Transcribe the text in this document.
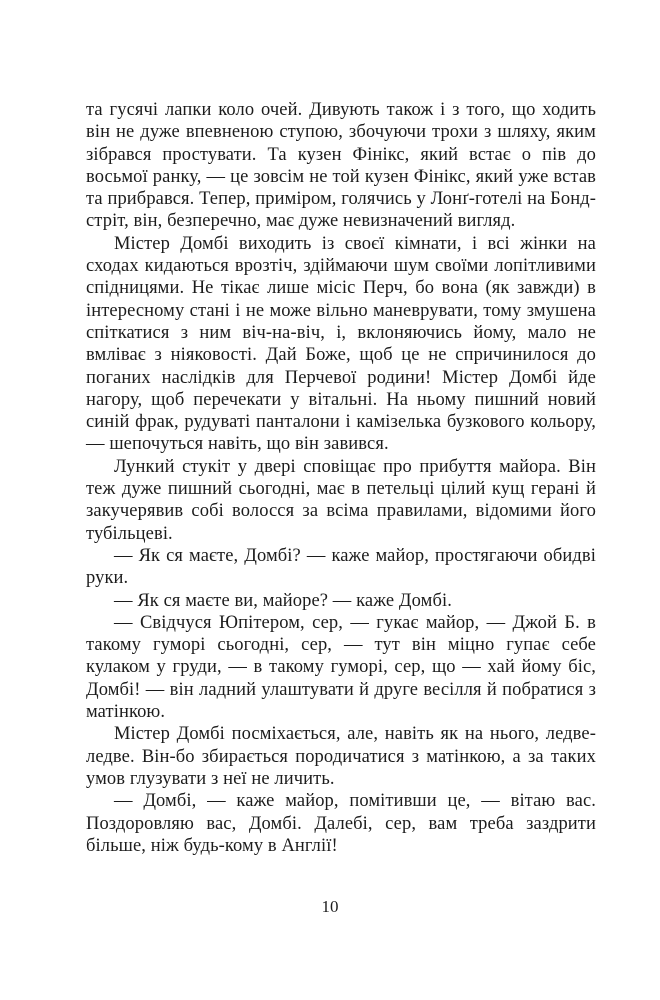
та гусячі лапки коло очей. Дивують також і з того, що ходить він не дуже впевненою ступою, збочуючи трохи з шляху, яким зібрався простувати. Та кузен Фінікс, який встає о пів до восьмої ранку, — це зовсім не той кузен Фінікс, який уже встав та прибрався. Тепер, приміром, голячись у Лонґ-готелі на Бонд-стріт, він, безперечно, має дуже невизначений вигляд.

Містер Домбі виходить із своєї кімнати, і всі жінки на сходах кидаються врозтіч, здіймаючи шум своїми лопітливими спідницями. Не тікає лише місіс Перч, бо вона (як завжди) в інтересному стані і не може вільно маневрувати, тому змушена спіткатися з ним віч-на-віч, і, вклоняючись йому, мало не вмліває з ніяковості. Дай Боже, щоб це не спричинилося до поганих наслідків для Перчевої родини! Містер Домбі йде нагору, щоб перечекати у вітальні. На ньому пишний новий синій фрак, рудуваті панталони і камізелька бузкового кольору, — шепочуться навіть, що він завився.

Лункий стукіт у двері сповіщає про прибуття майора. Він теж дуже пишний сьогодні, має в петельці цілий кущ герані й закучерявив собі волосся за всіма правилами, відомими його тубільцеві.

— Як ся маєте, Домбі? — каже майор, простягаючи обидві руки.

— Як ся маєте ви, майоре? — каже Домбі.

— Свідчуся Юпітером, сер, — гукає майор, — Джой Б. в такому гуморі сьогодні, сер, — тут він міцно гупає себе кулаком у груди, — в такому гуморі, сер, що — хай йому біс, Домбі! — він ладний улаштувати й друге весілля й побратися з матінкою.

Містер Домбі посміхається, але, навіть як на нього, ледве-ледве. Він-бо збирається породичатися з матінкою, а за таких умов глузувати з неї не личить.

— Домбі, — каже майор, помітивши це, — вітаю вас. Поздоровляю вас, Домбі. Далебі, сер, вам треба заздрити більше, ніж будь-кому в Англії!

10
